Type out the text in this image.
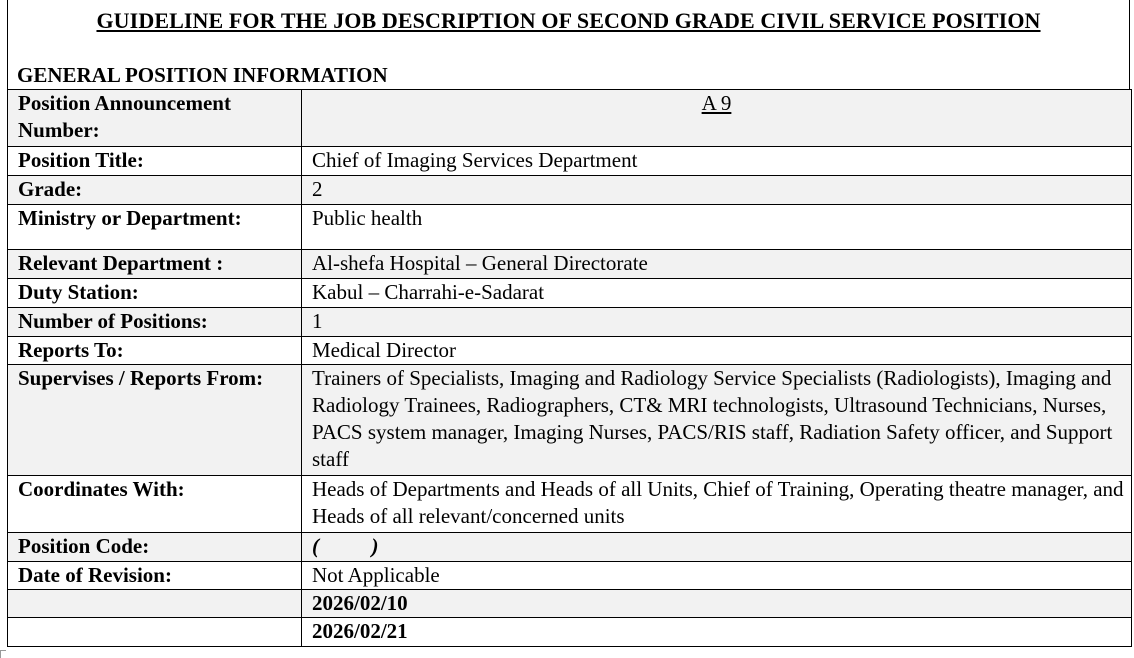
GUIDELINE FOR THE JOB DESCRIPTION OF SECOND GRADE CIVIL SERVICE POSITION
GENERAL POSITION INFORMATION
Position Announcement Number:	A 9
Position Title:	Chief of Imaging Services Department
Grade:	2
Ministry or Department:	Public health
Relevant Department :	Al-shefa Hospital – General Directorate
Duty Station:	Kabul – Charrahi-e-Sadarat
Number of Positions:	1
Reports To:	Medical Director
Supervises / Reports From:	Trainers of Specialists, Imaging and Radiology Service Specialists (Radiologists), Imaging and Radiology Trainees, Radiographers, CT& MRI technologists, Ultrasound Technicians, Nurses, PACS system manager, Imaging Nurses, PACS/RIS staff, Radiation Safety officer, and Support staff
Coordinates With:	Heads of Departments and Heads of all Units, Chief of Training, Operating theatre manager, and Heads of all relevant/concerned units
Position Code:	(          )
Date of Revision:	Not Applicable
	2026/02/10
	2026/02/21
